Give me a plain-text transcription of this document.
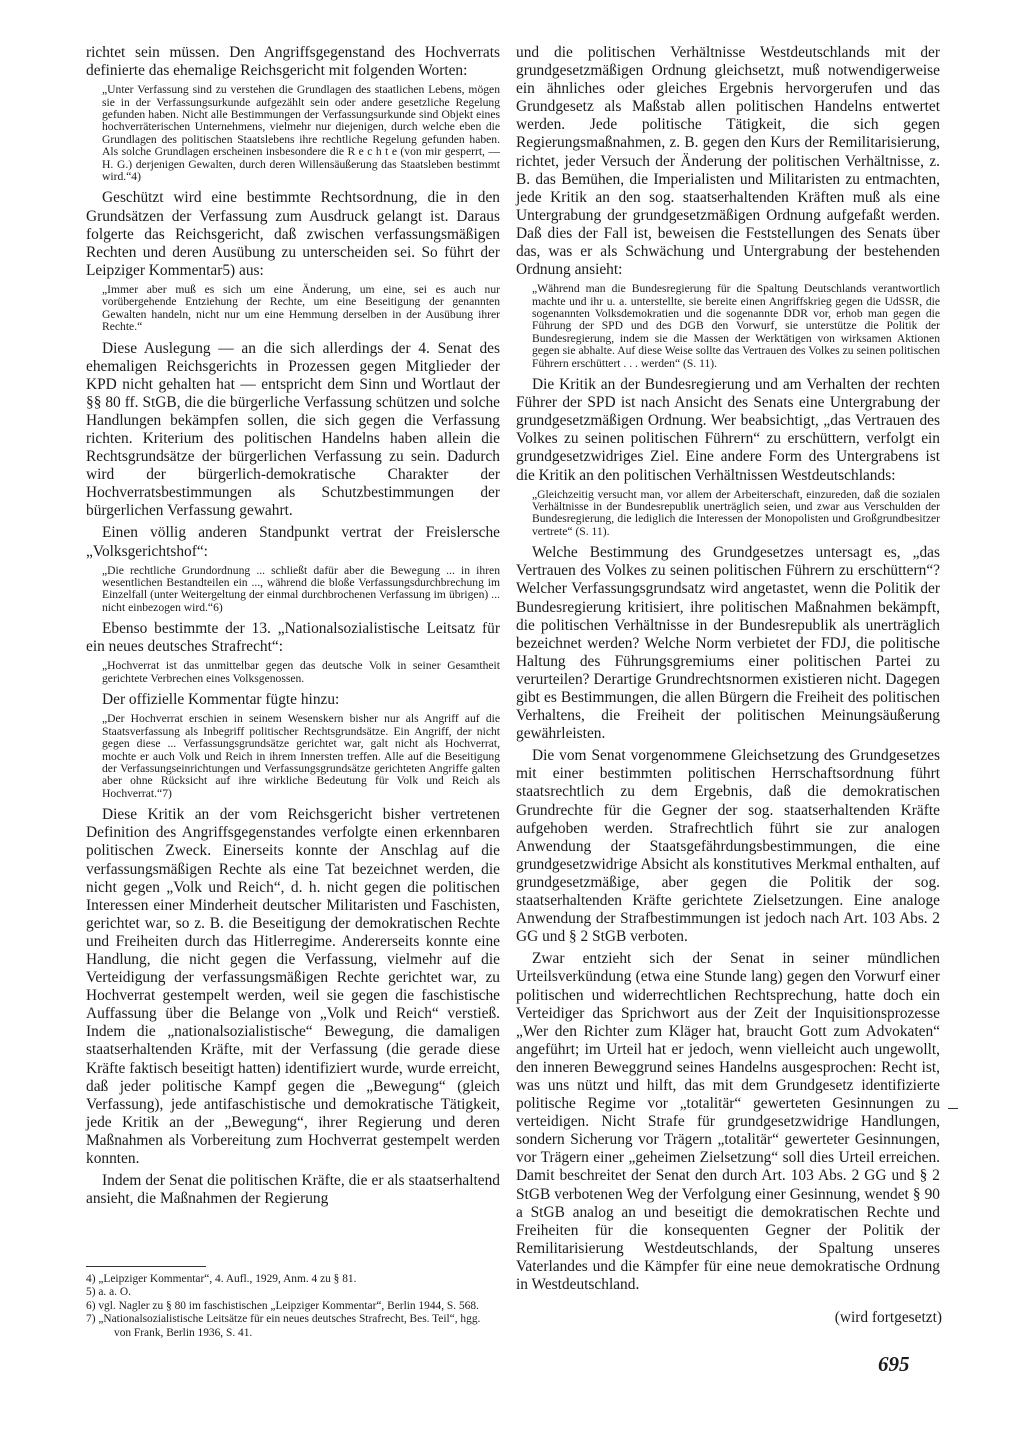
richtet sein müssen. Den Angriffsgegenstand des Hochverrats definierte das ehemalige Reichsgericht mit folgenden Worten:

„Unter Verfassung sind zu verstehen die Grundlagen des staatlichen Lebens, mögen sie in der Verfassungsurkunde aufgezählt sein oder andere gesetzliche Regelung gefunden haben. Nicht alle Bestimmungen der Verfassungsurkunde sind Objekt eines hochverräterischen Unternehmens, vielmehr nur diejenigen, durch welche eben die Grundlagen des politischen Staatslebens ihre rechtliche Regelung gefunden haben. Als solche Grundlagen erscheinen insbesondere die R e c h t e (von mir gesperrt, — H. G.) derjenigen Gewalten, durch deren Willensäußerung das Staatsleben bestimmt wird.“4)

Geschützt wird eine bestimmte Rechtsordnung, die in den Grundsätzen der Verfassung zum Ausdruck gelangt ist. Daraus folgerte das Reichsgericht, daß zwischen verfassungsmäßigen Rechten und deren Ausübung zu unterscheiden sei. So führt der Leipziger Kommentar5) aus:

„Immer aber muß es sich um eine Änderung, um eine, sei es auch nur vorübergehende Entziehung der Rechte, um eine Beseitigung der genannten Gewalten handeln, nicht nur um eine Hemmung derselben in der Ausübung ihrer Rechte.“

Diese Auslegung — an die sich allerdings der 4. Senat des ehemaligen Reichsgerichts in Prozessen gegen Mitglieder der KPD nicht gehalten hat — entspricht dem Sinn und Wortlaut der §§ 80 ff. StGB, die die bürgerliche Verfassung schützen und solche Handlungen bekämpfen sollen, die sich gegen die Verfassung richten. Kriterium des politischen Handelns haben allein die Rechtsgrundsätze der bürgerlichen Verfassung zu sein. Dadurch wird der bürgerlich-demokratische Charakter der Hochverratsbestimmungen als Schutzbestimmungen der bürgerlichen Verfassung gewahrt.

Einen völlig anderen Standpunkt vertrat der Freislersche „Volksgerichtshof“:

„Die rechtliche Grundordnung ... schließt dafür aber die Bewegung ... in ihren wesentlichen Bestandteilen ein ..., während die bloße Verfassungsdurchbrechung im Einzelfall (unter Weitergeltung der einmal durchbrochenen Verfassung im übrigen) ... nicht einbezogen wird.“6)

Ebenso bestimmte der 13. „Nationalsozialistische Leitsatz für ein neues deutsches Strafrecht“:

„Hochverrat ist das unmittelbar gegen das deutsche Volk in seiner Gesamtheit gerichtete Verbrechen eines Volksgenossen.

Der offizielle Kommentar fügte hinzu:

„Der Hochverrat erschien in seinem Wesenskern bisher nur als Angriff auf die Staatsverfassung als Inbegriff politischer Rechtsgrundsätze. Ein Angriff, der nicht gegen diese ... Verfassungsgrundsätze gerichtet war, galt nicht als Hochverrat, mochte er auch Volk und Reich in ihrem Innersten treffen. Alle auf die Beseitigung der Verfassungseinrichtungen und Verfassungsgrundsätze gerichteten Angriffe galten aber ohne Rücksicht auf ihre wirkliche Bedeutung für Volk und Reich als Hochverrat.“7)

Diese Kritik an der vom Reichsgericht bisher vertretenen Definition des Angriffsgegenstandes verfolgte einen erkennbaren politischen Zweck. Einerseits konnte der Anschlag auf die verfassungsmäßigen Rechte als eine Tat bezeichnet werden, die nicht gegen „Volk und Reich“, d. h. nicht gegen die politischen Interessen einer Minderheit deutscher Militaristen und Faschisten, gerichtet war, so z. B. die Beseitigung der demokratischen Rechte und Freiheiten durch das Hitlerregime. Andererseits konnte eine Handlung, die nicht gegen die Verfassung, vielmehr auf die Verteidigung der verfassungsmäßigen Rechte gerichtet war, zu Hochverrat gestempelt werden, weil sie gegen die faschistische Auffassung über die Belange von „Volk und Reich“ verstieß. Indem die „nationalsozialistische“ Bewegung, die damaligen staatserhaltenden Kräfte, mit der Verfassung (die gerade diese Kräfte faktisch beseitigt hatten) identifiziert wurde, wurde erreicht, daß jeder politische Kampf gegen die „Bewegung“ (gleich Verfassung), jede antifaschistische und demokratische Tätigkeit, jede Kritik an der „Bewegung“, ihrer Regierung und deren Maßnahmen als Vorbereitung zum Hochverrat gestempelt werden konnten.

Indem der Senat die politischen Kräfte, die er als staatserhaltend ansieht, die Maßnahmen der Regierung

und die politischen Verhältnisse Westdeutschlands mit der grundgesetzmäßigen Ordnung gleichsetzt, muß notwendigerweise ein ähnliches oder gleiches Ergebnis hervorgerufen und das Grundgesetz als Maßstab allen politischen Handelns entwertet werden. Jede politische Tätigkeit, die sich gegen Regierungsmaßnahmen, z. B. gegen den Kurs der Remilitarisierung, richtet, jeder Versuch der Änderung der politischen Verhältnisse, z. B. das Bemühen, die Imperialisten und Militaristen zu entmachten, jede Kritik an den sog. staatserhaltenden Kräften muß als eine Untergrabung der grundgesetzmäßigen Ordnung aufgefaßt werden. Daß dies der Fall ist, beweisen die Feststellungen des Senats über das, was er als Schwächung und Untergrabung der bestehenden Ordnung ansieht:

„Während man die Bundesregierung für die Spaltung Deutschlands verantwortlich machte und ihr u. a. unterstellte, sie bereite einen Angriffskrieg gegen die UdSSR, die sogenannten Volksdemokratien und die sogenannte DDR vor, erhob man gegen die Führung der SPD und des DGB den Vorwurf, sie unterstütze die Politik der Bundesregierung, indem sie die Massen der Werktätigen von wirksamen Aktionen gegen sie abhalte. Auf diese Weise sollte das Vertrauen des Volkes zu seinen politischen Führern erschüttert . . . werden“ (S. 11).

Die Kritik an der Bundesregierung und am Verhalten der rechten Führer der SPD ist nach Ansicht des Senats eine Untergrabung der grundgesetzmäßigen Ordnung. Wer beabsichtigt, „das Vertrauen des Volkes zu seinen politischen Führern“ zu erschüttern, verfolgt ein grundgesetzwidriges Ziel. Eine andere Form des Untergrabens ist die Kritik an den politischen Verhältnissen Westdeutschlands:

„Gleichzeitig versucht man, vor allem der Arbeiterschaft, einzureden, daß die sozialen Verhältnisse in der Bundesrepublik unerträglich seien, und zwar aus Verschulden der Bundesregierung, die lediglich die Interessen der Monopolisten und Großgrundbesitzer vertrete“ (S. 11).

Welche Bestimmung des Grundgesetzes untersagt es, „das Vertrauen des Volkes zu seinen politischen Führern zu erschüttern“? Welcher Verfassungsgrundsatz wird angetastet, wenn die Politik der Bundesregierung kritisiert, ihre politischen Maßnahmen bekämpft, die politischen Verhältnisse in der Bundesrepublik als unerträglich bezeichnet werden? Welche Norm verbietet der FDJ, die politische Haltung des Führungsgremiums einer politischen Partei zu verurteilen? Derartige Grundrechtsnormen existieren nicht. Dagegen gibt es Bestimmungen, die allen Bürgern die Freiheit des politischen Verhaltens, die Freiheit der politischen Meinungsäußerung gewährleisten.

Die vom Senat vorgenommene Gleichsetzung des Grundgesetzes mit einer bestimmten politischen Herrschaftsordnung führt staatsrechtlich zu dem Ergebnis, daß die demokratischen Grundrechte für die Gegner der sog. staatserhaltenden Kräfte aufgehoben werden. Strafrechtlich führt sie zur analogen Anwendung der Staatsgefährdungsbestimmungen, die eine grundgesetzwidrige Absicht als konstitutives Merkmal enthalten, auf grundgesetzmäßige, aber gegen die Politik der sog. staatserhaltenden Kräfte gerichtete Zielsetzungen. Eine analoge Anwendung der Strafbestimmungen ist jedoch nach Art. 103 Abs. 2 GG und § 2 StGB verboten.

Zwar entzieht sich der Senat in seiner mündlichen Urteilsverkündung (etwa eine Stunde lang) gegen den Vorwurf einer politischen und widerrechtlichen Rechtsprechung, hatte doch ein Verteidiger das Sprichwort aus der Zeit der Inquisitionsprozesse „Wer den Richter zum Kläger hat, braucht Gott zum Advokaten“ angeführt; im Urteil hat er jedoch, wenn vielleicht auch ungewollt, den inneren Beweggrund seines Handelns ausgesprochen: Recht ist, was uns nützt und hilft, das mit dem Grundgesetz identifizierte politische Regime vor „totalitär“ gewerteten Gesinnungen zu verteidigen. Nicht Strafe für grundgesetzwidrige Handlungen, sondern Sicherung vor Trägern „totalitär“ gewerteter Gesinnungen, vor Trägern einer „geheimen Zielsetzung“ soll dies Urteil erreichen. Damit beschreitet der Senat den durch Art. 103 Abs. 2 GG und § 2 StGB verbotenen Weg der Verfolgung einer Gesinnung, wendet § 90 a StGB analog an und beseitigt die demokratischen Rechte und Freiheiten für die konsequenten Gegner der Politik der Remilitarisierung Westdeutschlands, der Spaltung unseres Vaterlandes und die Kämpfer für eine neue demokratische Ordnung in Westdeutschland.

(wird fortgesetzt)

4) „Leipziger Kommentar“, 4. Aufl., 1929, Anm. 4 zu § 81.

5) a. a. O.

6) vgl. Nagler zu § 80 im faschistischen „Leipziger Kommentar“, Berlin 1944, S. 568.

7) „Nationalsozialistische Leitsätze für ein neues deutsches Strafrecht, Bes. Teil“, hgg. von Frank, Berlin 1936, S. 41.

695
